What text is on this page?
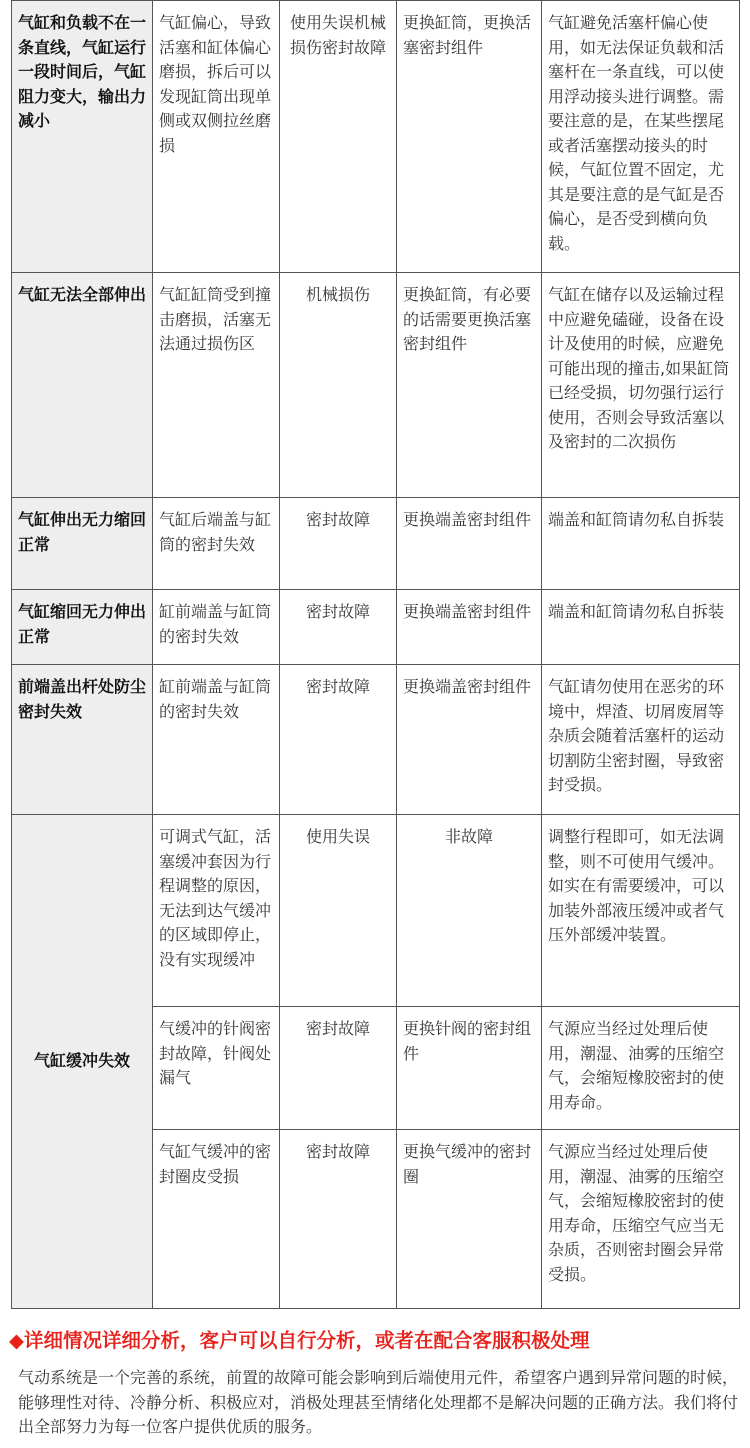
气缸和负载不在一条直线，气缸运行一段时间后，气缸阻力变大，输出力减小	气缸偏心，导致活塞和缸体偏心磨损，拆后可以发现缸筒出现单侧或双侧拉丝磨损	使用失误机械损伤密封故障	更换缸筒，更换活塞密封组件	气缸避免活塞杆偏心使用，如无法保证负载和活塞杆在一条直线，可以使用浮动接头进行调整。需要注意的是，在某些摆尾或者活塞摆动接头的时候，气缸位置不固定，尤其是要注意的是气缸是否偏心，是否受到横向负载。
气缸无法全部伸出	气缸缸筒受到撞击磨损，活塞无法通过损伤区	机械损伤	更换缸筒，有必要的话需要更换活塞密封组件	气缸在储存以及运输过程中应避免磕碰，设备在设计及使用的时候，应避免可能出现的撞击,如果缸筒已经受损，切勿强行运行使用，否则会导致活塞以及密封的二次损伤
气缸伸出无力缩回正常	气缸后端盖与缸筒的密封失效	密封故障	更换端盖密封组件	端盖和缸筒请勿私自拆装
气缸缩回无力伸出正常	缸前端盖与缸筒的密封失效	密封故障	更换端盖密封组件	端盖和缸筒请勿私自拆装
前端盖出杆处防尘密封失效	缸前端盖与缸筒的密封失效	密封故障	更换端盖密封组件	气缸请勿使用在恶劣的环境中，焊渣、切屑废屑等杂质会随着活塞杆的运动切割防尘密封圈，导致密封受损。
气缸缓冲失效	可调式气缸，活塞缓冲套因为行程调整的原因，无法到达气缓冲的区域即停止，没有实现缓冲	使用失误	非故障	调整行程即可，如无法调整，则不可使用气缓冲。如实在有需要缓冲，可以加装外部液压缓冲或者气压外部缓冲装置。
	气缓冲的针阀密封故障，针阀处漏气	密封故障	更换针阀的密封组件	气源应当经过处理后使用，潮湿、油雾的压缩空气，会缩短橡胶密封的使用寿命。
	气缸气缓冲的密封圈皮受损	密封故障	更换气缓冲的密封圈	气源应当经过处理后使用，潮湿、油雾的压缩空气，会缩短橡胶密封的使用寿命，压缩空气应当无杂质，否则密封圈会异常受损。
◆详细情况详细分析，客户可以自行分析，或者在配合客服积极处理
气动系统是一个完善的系统，前置的故障可能会影响到后端使用元件，希望客户遇到异常问题的时候，能够理性对待、冷静分析、积极应对，消极处理甚至情绪化处理都不是解决问题的正确方法。我们将付出全部努力为每一位客户提供优质的服务。
